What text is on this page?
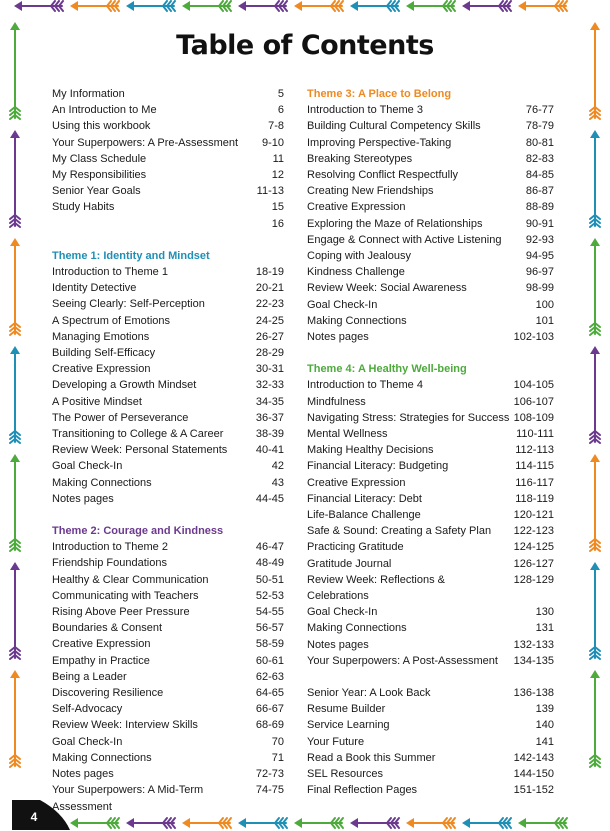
Table of Contents
My Information	5
An Introduction to Me	6
Using this workbook	7-8
Your Superpowers: A Pre-Assessment	9-10
My Class Schedule	11
My Responsibilities	12
Senior Year Goals	11-13
Study Habits	15
16
Theme 1: Identity and Mindset
Introduction to Theme 1	18-19
Identity Detective	20-21
Seeing Clearly: Self-Perception	22-23
A Spectrum of Emotions	24-25
Managing Emotions	26-27
Building Self-Efficacy	28-29
Creative Expression	30-31
Developing a Growth Mindset	32-33
A Positive Mindset	34-35
The Power of Perseverance	36-37
Transitioning to College & A Career	38-39
Review Week: Personal Statements	40-41
Goal Check-In	42
Making Connections	43
Notes pages	44-45
Theme 2: Courage and Kindness
Introduction to Theme 2	46-47
Friendship Foundations	48-49
Healthy & Clear Communication	50-51
Communicating with Teachers	52-53
Rising Above Peer Pressure	54-55
Boundaries & Consent	56-57
Creative Expression	58-59
Empathy in Practice	60-61
Being a Leader	62-63
Discovering Resilience	64-65
Self-Advocacy	66-67
Review Week: Interview Skills	68-69
Goal Check-In	70
Making Connections	71
Notes pages	72-73
Your Superpowers: A Mid-Term
Assessment
74-75
Theme 3: A Place to Belong
Introduction to Theme 3	76-77
Building Cultural Competency Skills	78-79
Improving Perspective-Taking	80-81
Breaking Stereotypes	82-83
Resolving Conflict Respectfully	84-85
Creating New Friendships	86-87
Creative Expression	88-89
Exploring the Maze of Relationships	90-91
Engage & Connect with Active Listening	92-93
Coping with Jealousy	94-95
Kindness Challenge	96-97
Review Week: Social Awareness	98-99
Goal Check-In	100
Making Connections	101
Notes pages	102-103
Theme 4: A Healthy Well-being
Introduction to Theme 4	104-105
Mindfulness	106-107
Navigating Stress: Strategies for Success 108-109
Mental Wellness	110-111
Making Healthy Decisions	112-113
Financial Literacy: Budgeting	114-115
Creative Expression	116-117
Financial Literacy: Debt	118-119
Life-Balance Challenge	120-121
Safe & Sound: Creating a Safety Plan	122-123
Practicing Gratitude	124-125
Gratitude Journal	126-127
Review Week: Reflections & Celebrations
128-129
Goal Check-In	130
Making Connections	131
Notes pages	132-133
Your Superpowers: A Post-Assessment	134-135
Senior Year: A Look Back	136-138
Resume Builder	139
Service Learning	140
Your Future	141
Read a Book this Summer	142-143
SEL Resources	144-150
Final Reflection Pages	151-152
4
